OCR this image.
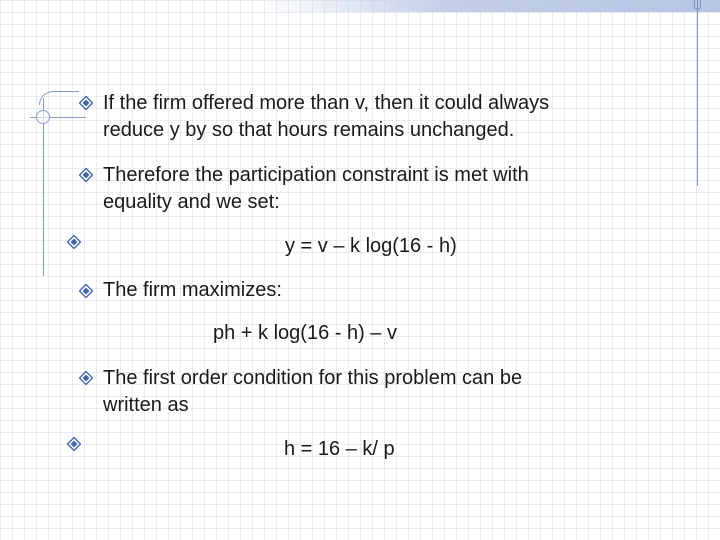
If the firm offered more than v, then it could always
reduce y by so that hours remains unchanged.
Therefore the participation constraint is met with
equality and we set:
y = v – k log(16 - h)
The firm maximizes:
ph + k log(16 - h) – v
The first order condition for this problem can be
written as
h = 16 – k/ p
